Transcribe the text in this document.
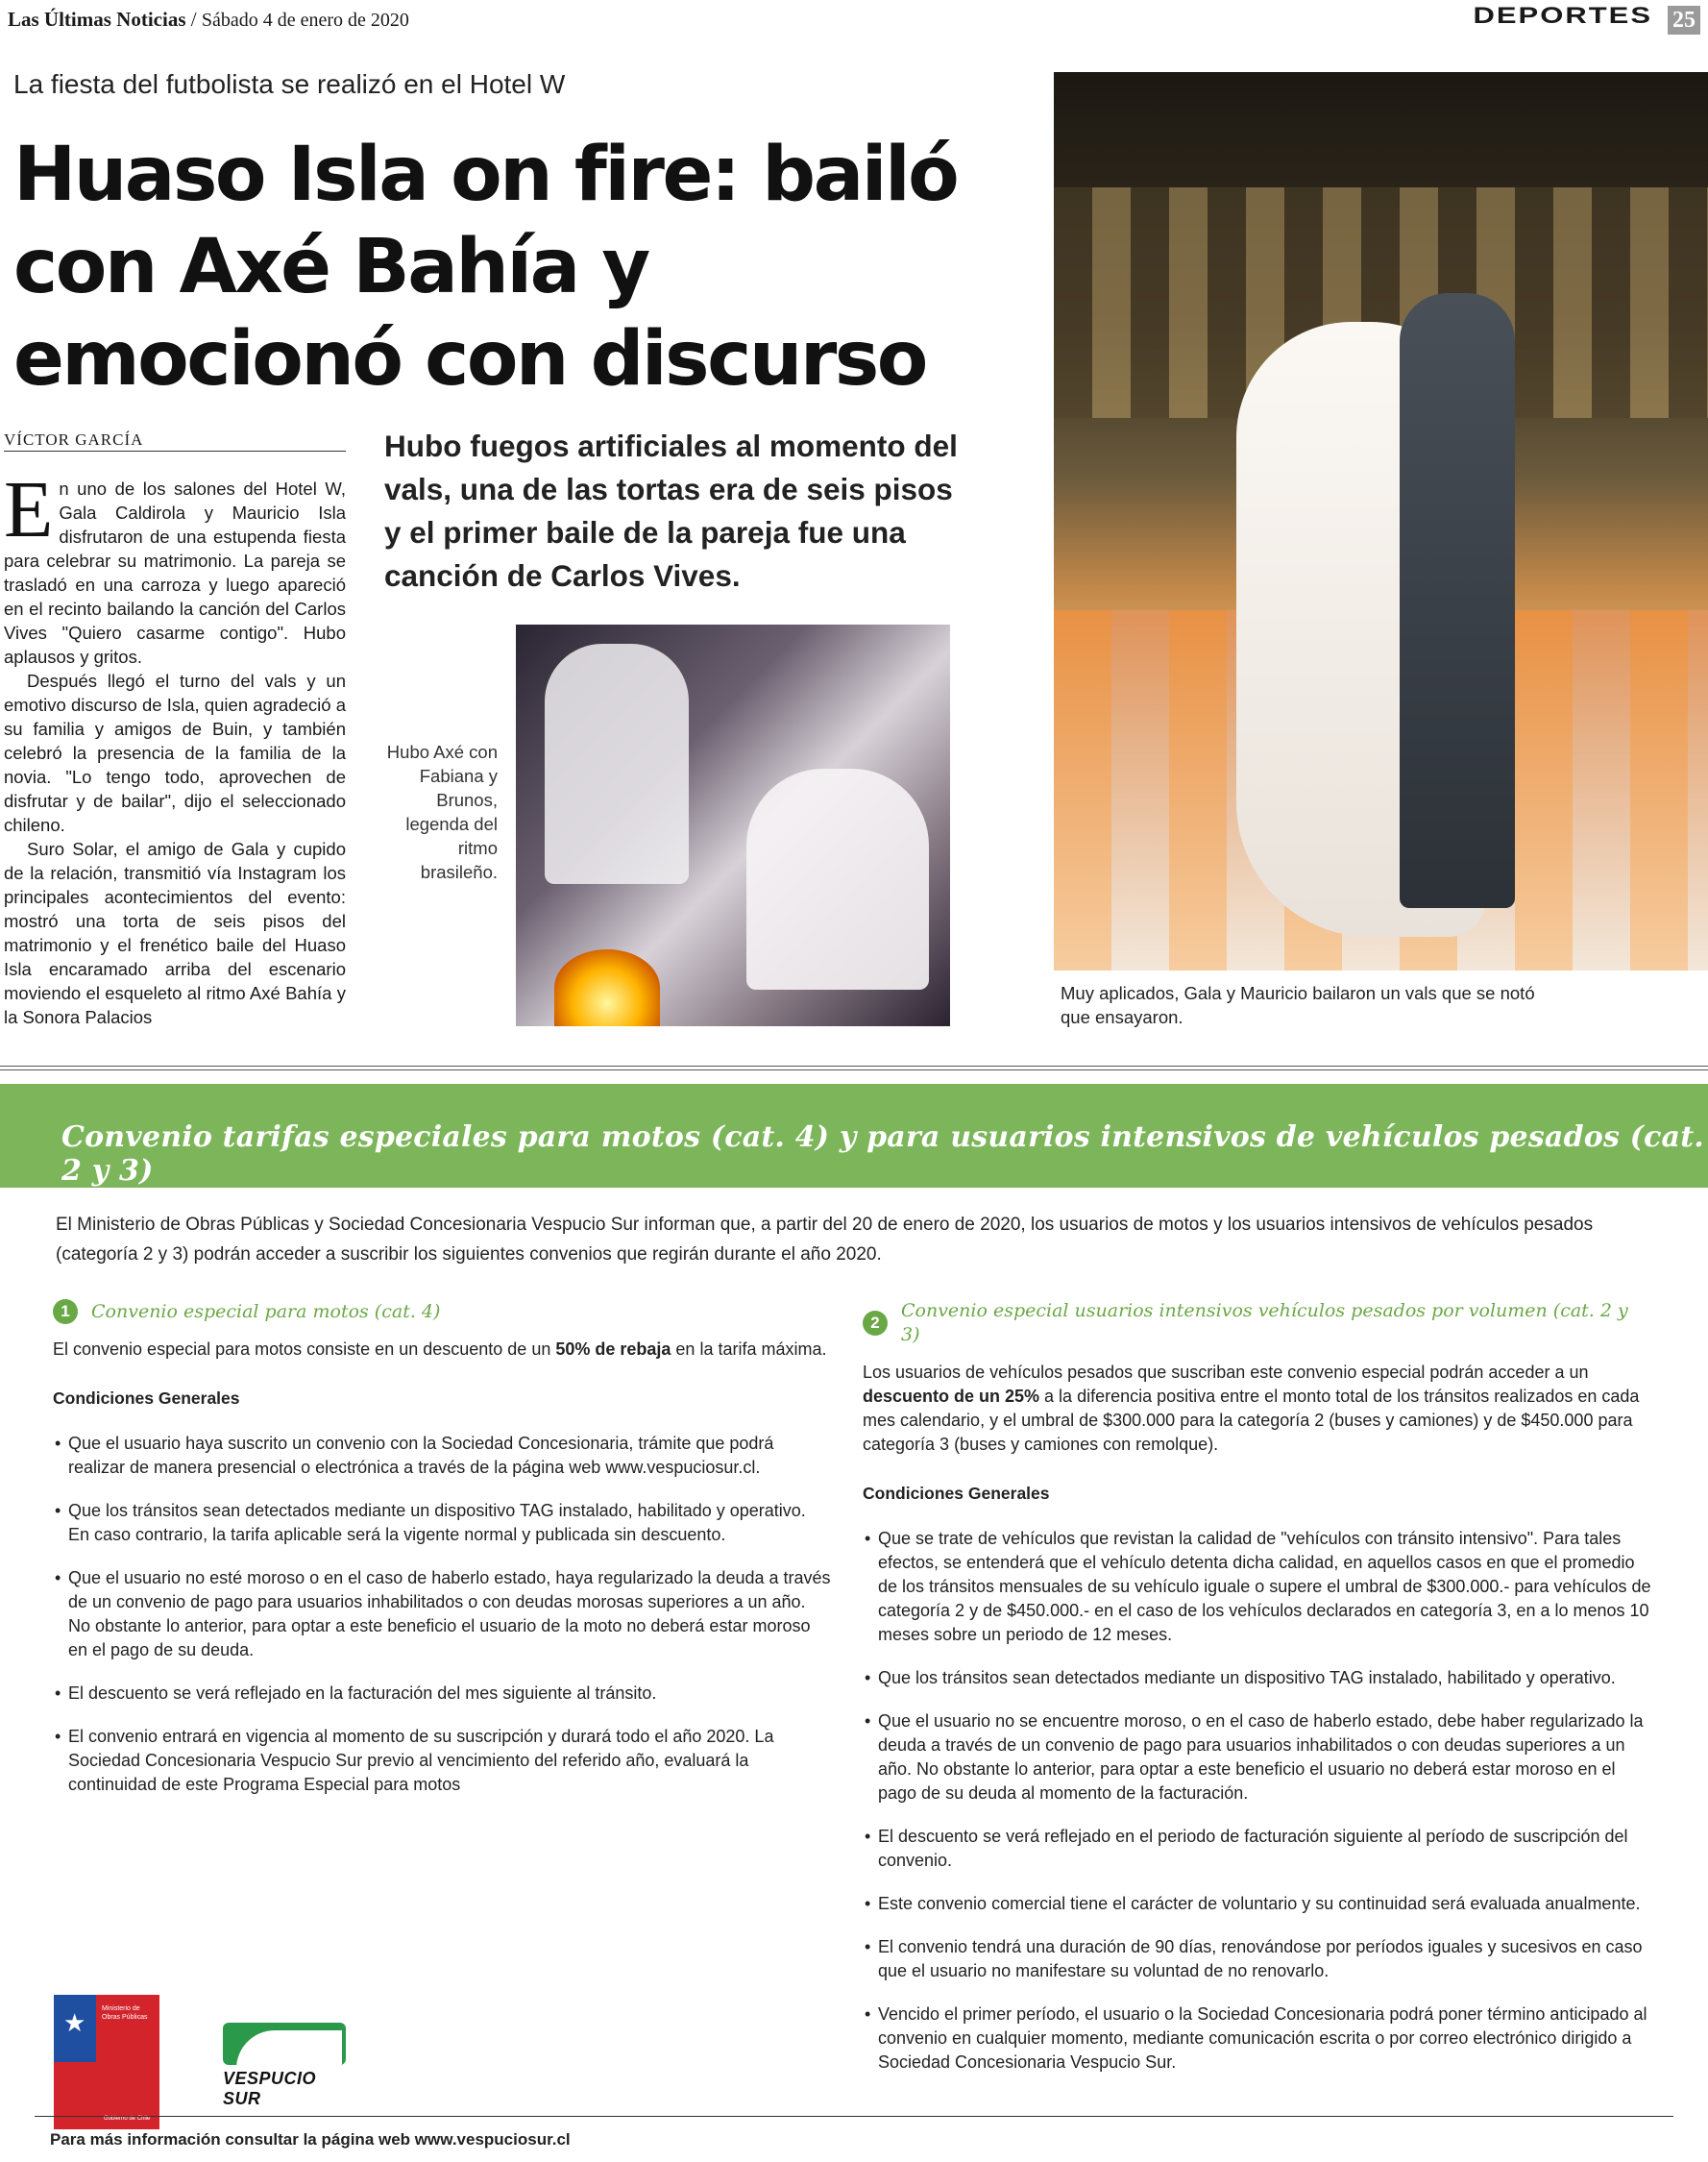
Las Últimas Noticias / Sábado 4 de enero de 2020	DEPORTES 25
La fiesta del futbolista se realizó en el Hotel W
Huaso Isla on fire: bailó con Axé Bahía y emocionó con discurso
VÍCTOR GARCÍA

En uno de los salones del Hotel W, Gala Caldirola y Mauricio Isla disfrutaron de una estupenda fiesta para celebrar su matrimonio. La pareja se trasladó en una carroza y luego apareció en el recinto bailando la canción del Carlos Vives "Quiero casarme contigo". Hubo aplausos y gritos.

Después llegó el turno del vals y un emotivo discurso de Isla, quien agradeció a su familia y amigos de Buin, y también celebró la presencia de la familia de la novia. "Lo tengo todo, aprovechen de disfrutar y de bailar", dijo el seleccionado chileno.

Suro Solar, el amigo de Gala y cupido de la relación, transmitió vía Instagram los principales acontecimientos del evento: mostró una torta de seis pisos del matrimonio y el frenético baile del Huaso Isla encaramado arriba del escenario moviendo el esqueleto al ritmo Axé Bahía y la Sonora Palacios

Hubo fuegos artificiales al momento del vals, una de las tortas era de seis pisos y el primer baile de la pareja fue una canción de Carlos Vives.
Hubo Axé con Fabiana y Brunos, legenda del ritmo brasileño.
Muy aplicados, Gala y Mauricio bailaron un vals que se notó que ensayaron.
Convenio tarifas especiales para motos (cat. 4) y para usuarios intensivos de vehículos pesados (cat. 2 y 3)
El Ministerio de Obras Públicas y Sociedad Concesionaria Vespucio Sur informan que, a partir del 20 de enero de 2020, los usuarios de motos y los usuarios intensivos de vehículos pesados (categoría 2 y 3) podrán acceder a suscribir los siguientes convenios que regirán durante el año 2020.
1	Convenio especial para motos (cat. 4)
El convenio especial para motos consiste en un descuento de un 50% de rebaja en la tarifa máxima.
Condiciones Generales
• Que el usuario haya suscrito un convenio con la Sociedad Concesionaria, trámite que podrá realizar de manera presencial o electrónica a través de la página web www.vespuciosur.cl.
• Que los tránsitos sean detectados mediante un dispositivo TAG instalado, habilitado y operativo. En caso contrario, la tarifa aplicable será la vigente normal y publicada sin descuento.
• Que el usuario no esté moroso o en el caso de haberlo estado, haya regularizado la deuda a través de un convenio de pago para usuarios inhabilitados o con deudas morosas superiores a un año. No obstante lo anterior, para optar a este beneficio el usuario de la moto no deberá estar moroso en el pago de su deuda.
• El descuento se verá reflejado en la facturación del mes siguiente al tránsito.
• El convenio entrará en vigencia al momento de su suscripción y durará todo el año 2020. La Sociedad Concesionaria Vespucio Sur previo al vencimiento del referido año, evaluará la continuidad de este Programa Especial para motos
2
Convenio especial usuarios intensivos vehículos pesados por volumen (cat. 2 y 3)
Los usuarios de vehículos pesados que suscriban este convenio especial podrán acceder a un descuento de un 25% a la diferencia positiva entre el monto total de los tránsitos realizados en cada mes calendario, y el umbral de $300.000 para la categoría 2 (buses y camiones) y de $450.000 para categoría 3 (buses y camiones con remolque).
Condiciones Generales
• Que se trate de vehículos que revistan la calidad de "vehículos con tránsito intensivo". Para tales efectos, se entenderá que el vehículo detenta dicha calidad, en aquellos casos en que el promedio de los tránsitos mensuales de su vehículo iguale o supere el umbral de $300.000.- para vehículos de categoría 2 y de $450.000.- en el caso de los vehículos declarados en categoría 3, en a lo menos 10 meses sobre un periodo de 12 meses.
• Que los tránsitos sean detectados mediante un dispositivo TAG instalado, habilitado y operativo.
• Que el usuario no se encuentre moroso, o en el caso de haberlo estado, debe haber regularizado la deuda a través de un convenio de pago para usuarios inhabilitados o con deudas superiores a un año. No obstante lo anterior, para optar a este beneficio el usuario no deberá estar moroso en el pago de su deuda al momento de la facturación.
• El descuento se verá reflejado en el periodo de facturación siguiente al período de suscripción del convenio.
• Este convenio comercial tiene el carácter de voluntario y su continuidad será evaluada anualmente.
• El convenio tendrá una duración de 90 días, renovándose por períodos iguales y sucesivos en caso que el usuario no manifestare su voluntad de no renovarlo.
• Vencido el primer período, el usuario o la Sociedad Concesionaria podrá poner término anticipado al convenio en cualquier momento, mediante comunicación escrita o por correo electrónico dirigido a Sociedad Concesionaria Vespucio Sur.
★ Ministerio de
Obras Públicas
Gobierno de Chile
VESPUCIO SUR
Para más información consultar la página web www.vespuciosur.cl
